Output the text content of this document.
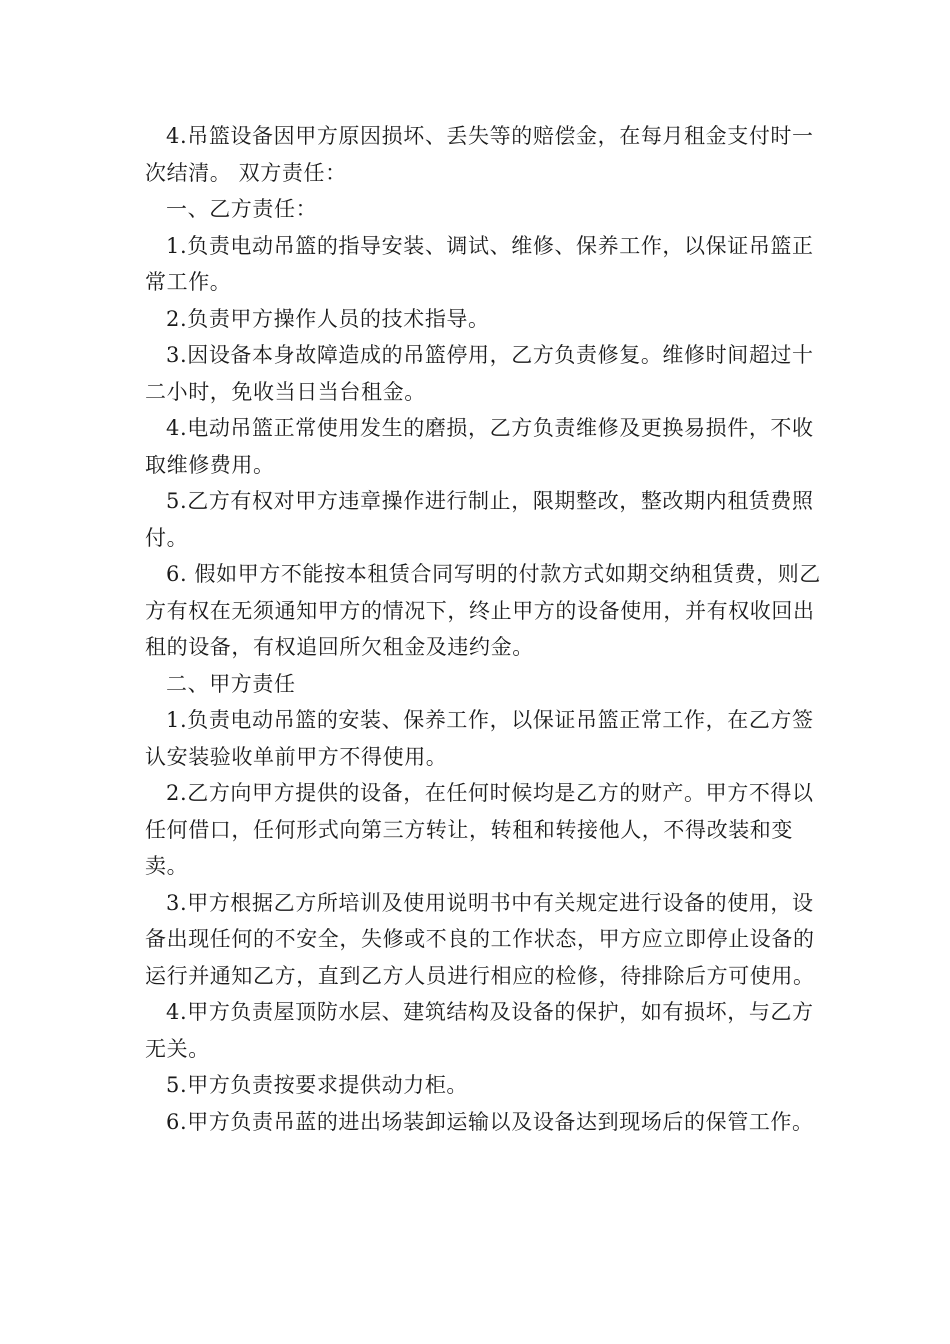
4.吊篮设备因甲方原因损坏、丢失等的赔偿金，在每月租金支付时一次结清。 双方责任：

一、乙方责任：

1.负责电动吊篮的指导安装、调试、维修、保养工作，以保证吊篮正常工作。

2.负责甲方操作人员的技术指导。

3.因设备本身故障造成的吊篮停用，乙方负责修复。维修时间超过十二小时，免收当日当台租金。

4.电动吊篮正常使用发生的磨损，乙方负责维修及更换易损件，不收取维修费用。

5.乙方有权对甲方违章操作进行制止，限期整改，整改期内租赁费照付。

6. 假如甲方不能按本租赁合同写明的付款方式如期交纳租赁费，则乙方有权在无须通知甲方的情况下，终止甲方的设备使用，并有权收回出租的设备，有权追回所欠租金及违约金。

二、甲方责任

1.负责电动吊篮的安装、保养工作，以保证吊篮正常工作，在乙方签认安装验收单前甲方不得使用。

2.乙方向甲方提供的设备，在任何时候均是乙方的财产。甲方不得以任何借口，任何形式向第三方转让，转租和转接他人，不得改装和变卖。

3.甲方根据乙方所培训及使用说明书中有关规定进行设备的使用，设备出现任何的不安全，失修或不良的工作状态，甲方应立即停止设备的运行并通知乙方，直到乙方人员进行相应的检修，待排除后方可使用。

4.甲方负责屋顶防水层、建筑结构及设备的保护，如有损坏，与乙方无关。

5.甲方负责按要求提供动力柜。

6.甲方负责吊蓝的进出场装卸运输以及设备达到现场后的保管工作。
